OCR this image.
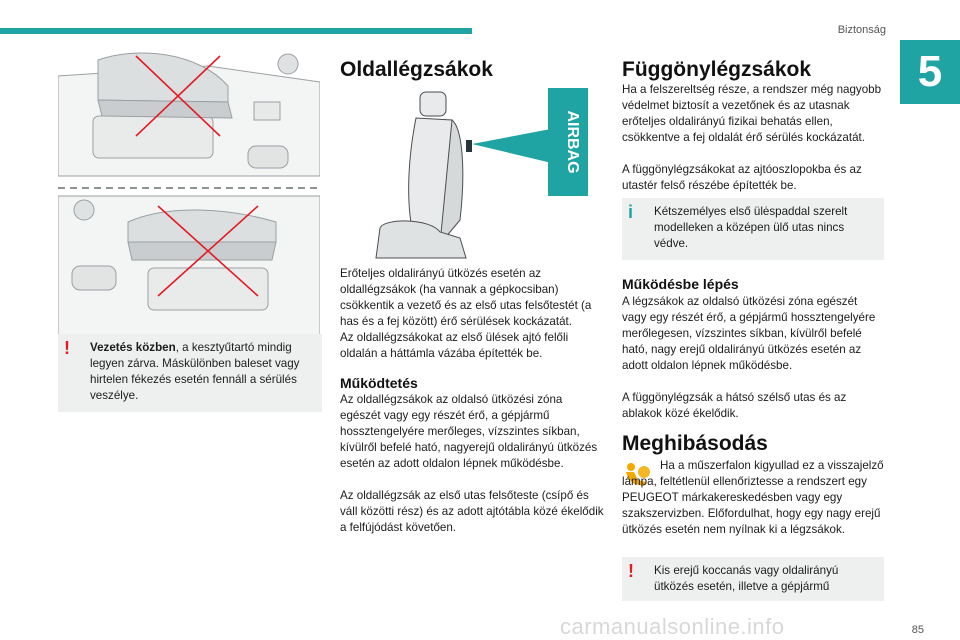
Biztonság
5
!	Vezetés közben, a kesztyűtartó mindig legyen zárva. Máskülönben baleset vagy hirtelen fékezés esetén fennáll a sérülés veszélye.
Oldallégzsákok
AIRBAG

Erőteljes oldalirányú ütközés esetén az oldallégzsákok (ha vannak a gépkocsiban) csökkentik a vezető és az első utas felsőtestét (a has és a fej között) érő sérülések kockázatát.

Az oldallégzsákokat az első ülések ajtó felőli oldalán a háttámla vázába építették be.

Működtetés

Az oldallégzsákok az oldalsó ütközési zóna egészét vagy egy részét érő, a gépjármű hossztengelyére merőleges, vízszintes síkban, kívülről befelé ható, nagyerejű oldalirányú ütközés esetén az adott oldalon lépnek működésbe.

Az oldallégzsák az első utas felsőteste (csípő és váll közötti rész) és az adott ajtótábla közé ékelődik a felfújódást követően.

Függönylégzsákok

Ha a felszereltség része, a rendszer még nagyobb védelmet biztosít a vezetőnek és az utasnak erőteljes oldalirányú fizikai behatás ellen, csökkentve a fej oldalát érő sérülés kockázatát.

A függönylégzsákokat az ajtóoszlopokba és az utastér felső részébe építették be.

i	Kétszemélyes első ülėspaddal szerelt modelleken a középen ülő utas nincs védve.
Működésbe lépés

A légzsákok az oldalsó ütközési zóna egészét vagy egy részét érő, a gépjármű hossztengelyére merőlegesen, vízszintes síkban, kívülről befelé ható, nagy erejű oldalirányú ütközés esetén az adott oldalon lépnek működésbe.

A függönylégzsák a hátsó szélső utas és az ablakok közé ékelődik.

Meghibásodás

Ha a műszerfalon kigyullad ez a visszajelző lámpa, feltétlenül ellenőriztesse a rendszert egy PEUGEOT márkakereskedésben vagy egy szakszervizben. Előfordulhat, hogy egy nagy erejű ütközés esetén nem nyílnak ki a légzsákok.

!	Kis erejű koccanás vagy oldalirányú ütközés esetén, illetve a gépjármű
85
carmanualsonline.info
